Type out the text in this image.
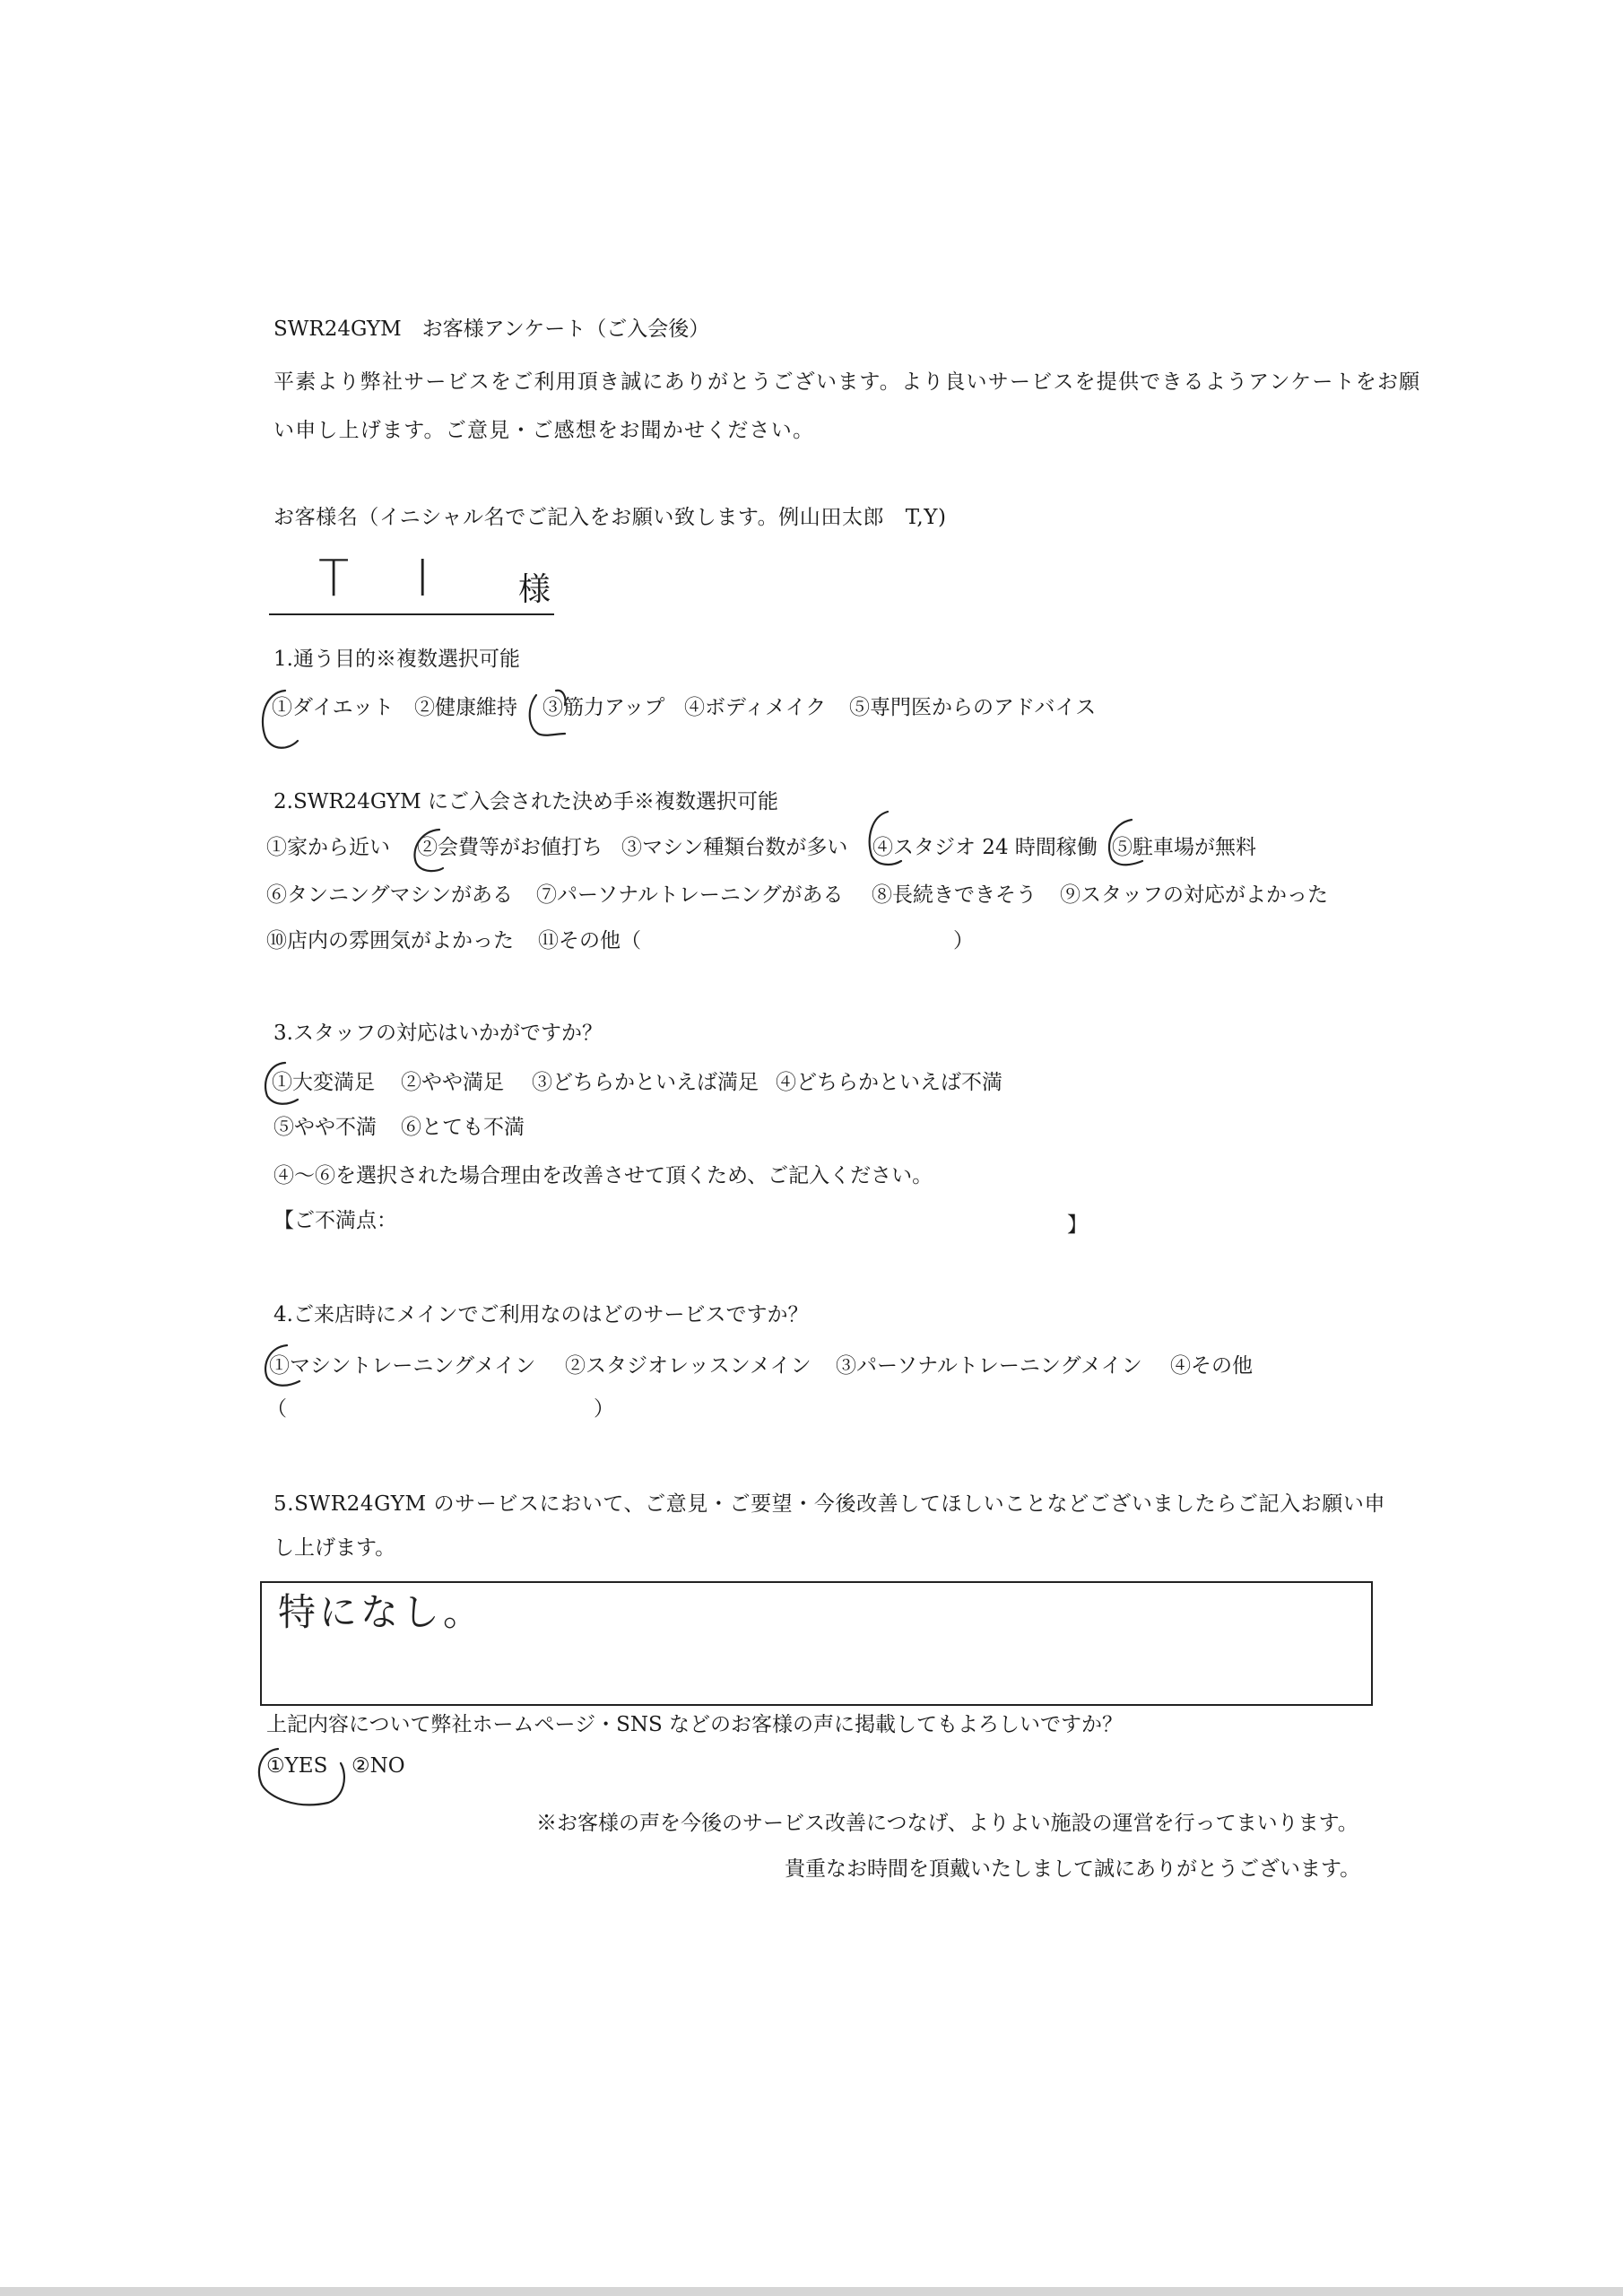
SWR24GYM　お客様アンケート（ご入会後）
平素より弊社サービスをご利用頂き誠にありがとうございます。より良いサービスを提供できるようアンケートをお願
い申し上げます。ご意見・ご感想をお聞かせください。
お客様名（イニシャル名でご記入をお願い致します。例山田太郎　T,Y)
T I 様
1.通う目的※複数選択可能
①ダイエット ②健康維持 ③筋力アップ ④ボディメイク ⑤専門医からのアドバイス
2.SWR24GYM にご入会された決め手※複数選択可能
①家から近い ②会費等がお値打ち ③マシン種類台数が多い ④スタジオ 24 時間稼働 ⑤駐車場が無料
⑥タンニングマシンがある ⑦パーソナルトレーニングがある ⑧長続きできそう ⑨スタッフの対応がよかった
⑩店内の雰囲気がよかった ⑪その他（	）
3.スタッフの対応はいかがですか？
①大変満足 ②やや満足 ③どちらかといえば満足 ④どちらかといえば不満
⑤やや不満 ⑥とても不満
④〜⑥を選択された場合理由を改善させて頂くため、ご記入ください。
【ご不満点：	】
4.ご来店時にメインでご利用なのはどのサービスですか？
①マシントレーニングメイン ②スタジオレッスンメイン ③パーソナルトレーニングメイン ④その他
（	）
5.SWR24GYM のサービスにおいて、ご意見・ご要望・今後改善してほしいことなどございましたらご記入お願い申
し上げます。
特になし。
上記内容について弊社ホームページ・SNS などのお客様の声に掲載してもよろしいですか？
①YES ②NO
※お客様の声を今後のサービス改善につなげ、よりよい施設の運営を行ってまいります。
貴重なお時間を頂戴いたしまして誠にありがとうございます。
